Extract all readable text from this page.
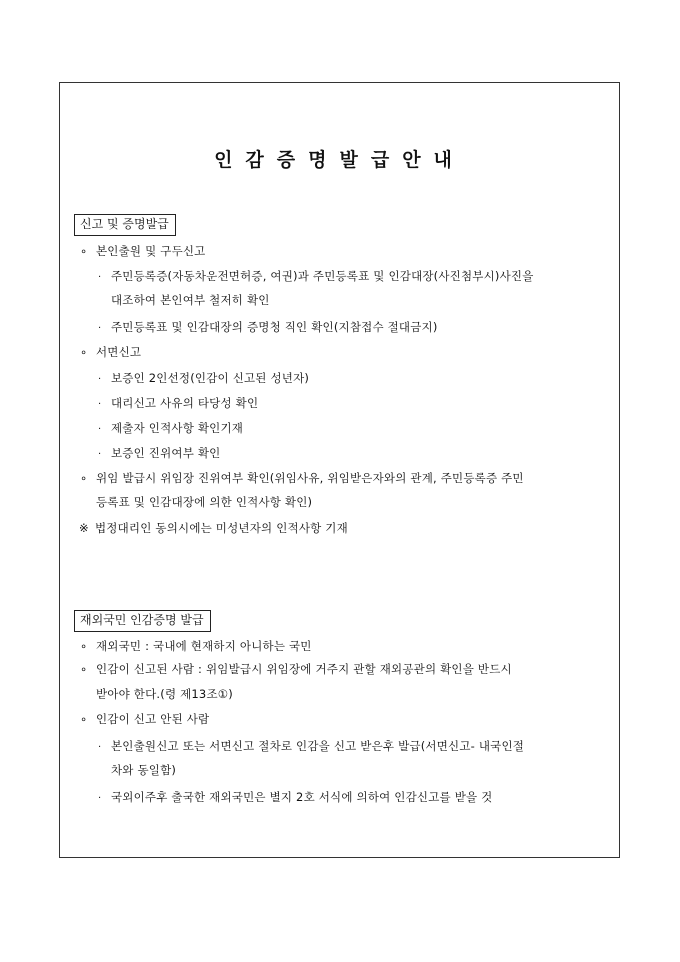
인감증명발급안내
신고 및 증명발급
∘ 본인출원 및 구두신고
· 주민등록증(자동차운전면허증, 여권)과 주민등록표 및 인감대장(사진첨부시)사진을
대조하여 본인여부 철저히 확인
· 주민등록표 및 인감대장의 증명청 직인 확인(지참접수 절대금지)
∘ 서면신고
· 보증인 2인선정(인감이 신고된 성년자)
· 대리신고 사유의 타당성 확인
· 제출자 인적사항 확인기재
· 보증인 진위여부 확인
∘ 위임 발급시 위임장 진위여부 확인(위임사유, 위임받은자와의 관계, 주민등록증 주민
등록표 및 인감대장에 의한 인적사항 확인)
※ 법정대리인 동의시에는 미성년자의 인적사항 기재
재외국민 인감증명 발급
∘ 재외국민 : 국내에 현재하지 아니하는 국민
∘ 인감이 신고된 사람 : 위임발급시 위임장에 거주지 관할 재외공관의 확인을 반드시
받아야 한다.(령 제13조①)
∘ 인감이 신고 안된 사람
· 본인출원신고 또는 서면신고 절차로 인감을 신고 받은후 발급(서면신고- 내국인절
차와 동일함)
· 국외이주후 출국한 재외국민은 별지 2호 서식에 의하여 인감신고를 받을 것
